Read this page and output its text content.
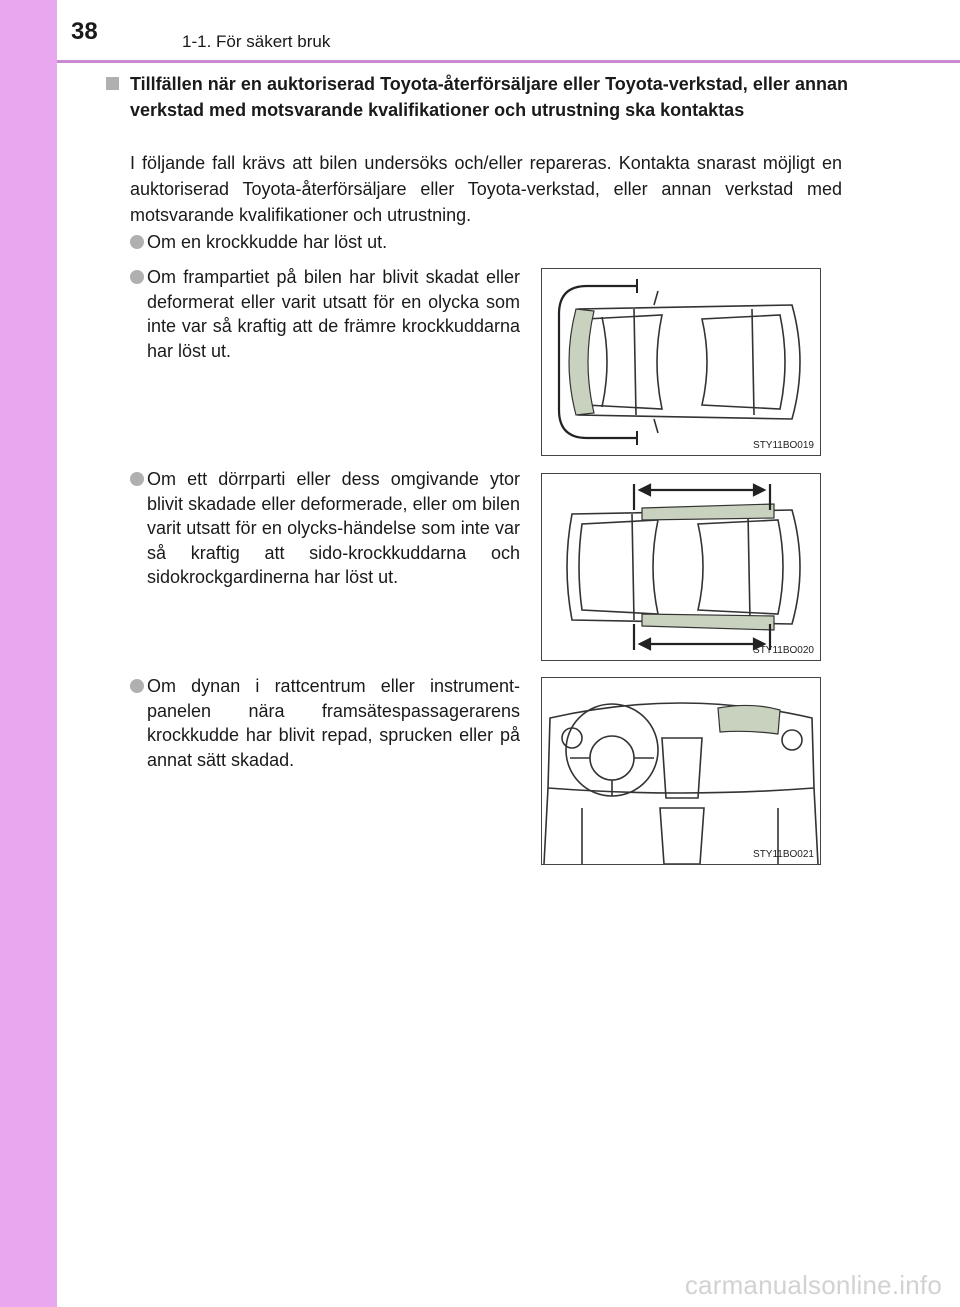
38	1-1. För säkert bruk
Tillfällen när en auktoriserad Toyota-återförsäljare eller Toyota-verkstad, eller annan verkstad med motsvarande kvalifikationer och utrustning ska kontaktas
I följande fall krävs att bilen undersöks och/eller repareras. Kontakta snarast möjligt en auktoriserad Toyota-återförsäljare eller Toyota-verkstad, eller annan verkstad med motsvarande kvalifikationer och utrustning.
Om en krockkudde har löst ut.
Om frampartiet på bilen har blivit skadat eller deformerat eller varit utsatt för en olycka som inte var så kraftig att de främre krockkuddarna har löst ut.
Om ett dörrparti eller dess omgivande ytor blivit skadade eller deformerade, eller om bilen varit utsatt för en olycks-händelse som inte var så kraftig att sido-krockkuddarna och sidokrockgardinerna har löst ut.
Om dynan i rattcentrum eller instrument-panelen nära framsätespassagerarens krockkudde har blivit repad, sprucken eller på annat sätt skadad.
STY11BO019
STY11BO020
STY11BO021
carmanualsonline.info
